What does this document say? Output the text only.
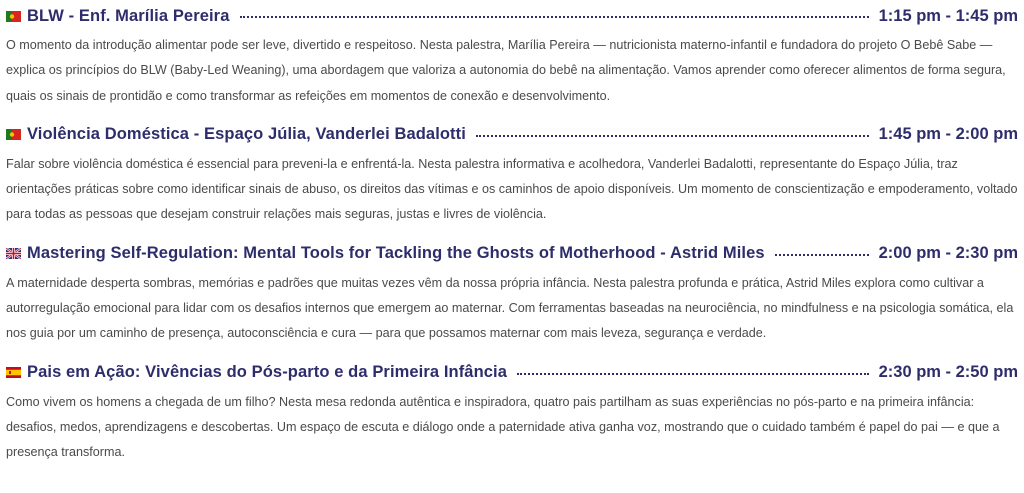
BLW - Enf. Marília Pereira	1:15 pm - 1:45 pm

O momento da introdução alimentar pode ser leve, divertido e respeitoso. Nesta palestra, Marília Pereira — nutricionista materno-infantil e fundadora do projeto O Bebê Sabe — explica os princípios do BLW (Baby-Led Weaning), uma abordagem que valoriza a autonomia do bebê na alimentação. Vamos aprender como oferecer alimentos de forma segura, quais os sinais de prontidão e como transformar as refeições em momentos de conexão e desenvolvimento.

Violência Doméstica - Espaço Júlia, Vanderlei Badalotti	1:45 pm - 2:00 pm

Falar sobre violência doméstica é essencial para preveni-la e enfrentá-la. Nesta palestra informativa e acolhedora, Vanderlei Badalotti, representante do Espaço Júlia, traz orientações práticas sobre como identificar sinais de abuso, os direitos das vítimas e os caminhos de apoio disponíveis. Um momento de conscientização e empoderamento, voltado para todas as pessoas que desejam construir relações mais seguras, justas e livres de violência.

Mastering Self-Regulation: Mental Tools for Tackling the Ghosts of Motherhood - Astrid Miles	2:00 pm - 2:30 pm

A maternidade desperta sombras, memórias e padrões que muitas vezes vêm da nossa própria infância. Nesta palestra profunda e prática, Astrid Miles explora como cultivar a autorregulação emocional para lidar com os desafios internos que emergem ao maternar. Com ferramentas baseadas na neurociência, no mindfulness e na psicologia somática, ela nos guia por um caminho de presença, autoconsciência e cura — para que possamos maternar com mais leveza, segurança e verdade.

Pais em Ação: Vivências do Pós-parto e da Primeira Infância	2:30 pm - 2:50 pm

Como vivem os homens a chegada de um filho? Nesta mesa redonda autêntica e inspiradora, quatro pais partilham as suas experiências no pós-parto e na primeira infância: desafios, medos, aprendizagens e descobertas. Um espaço de escuta e diálogo onde a paternidade ativa ganha voz, mostrando que o cuidado também é papel do pai — e que a presença transforma.
